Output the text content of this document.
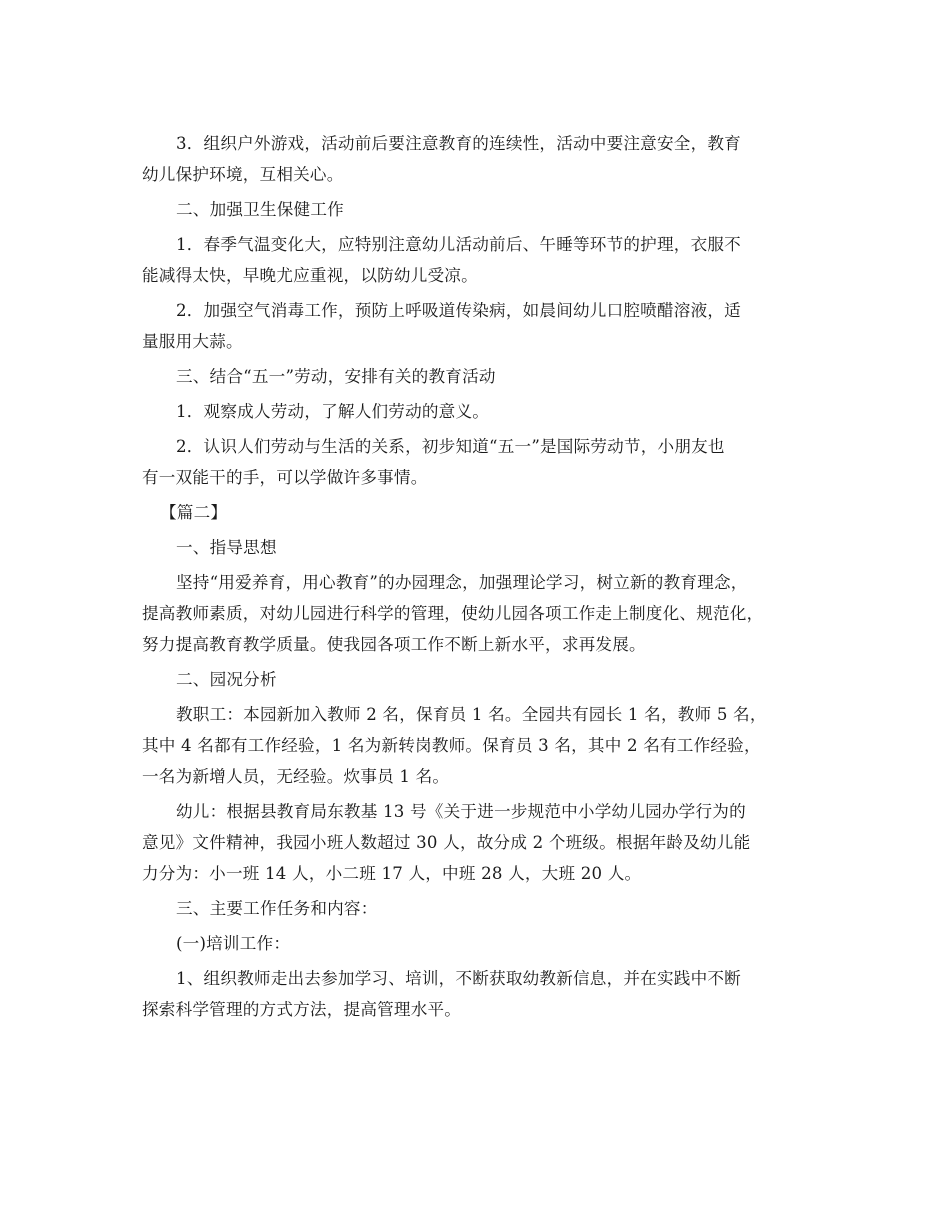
3．组织户外游戏，活动前后要注意教育的连续性，活动中要注意安全，教育
幼儿保护环境，互相关心。
二、加强卫生保健工作
1．春季气温变化大，应特别注意幼儿活动前后、午睡等环节的护理，衣服不
能减得太快，早晚尤应重视，以防幼儿受凉。
2．加强空气消毒工作，预防上呼吸道传染病，如晨间幼儿口腔喷醋溶液，适
量服用大蒜。
三、结合“五一”劳动，安排有关的教育活动
1．观察成人劳动，了解人们劳动的意义。
2．认识人们劳动与生活的关系，初步知道“五一”是国际劳动节，小朋友也
有一双能干的手，可以学做许多事情。
【篇二】
一、指导思想
坚持“用爱养育，用心教育”的办园理念，加强理论学习，树立新的教育理念，
提高教师素质，对幼儿园进行科学的管理，使幼儿园各项工作走上制度化、规范化，
努力提高教育教学质量。使我园各项工作不断上新水平，求再发展。
二、园况分析
教职工：本园新加入教师 2 名，保育员 1 名。全园共有园长 1 名，教师 5 名，
其中 4 名都有工作经验，1 名为新转岗教师。保育员 3 名，其中 2 名有工作经验，
一名为新增人员，无经验。炊事员 1 名。
幼儿：根据县教育局东教基 13 号《关于进一步规范中小学幼儿园办学行为的
意见》文件精神，我园小班人数超过 30 人，故分成 2 个班级。根据年龄及幼儿能
力分为：小一班 14 人，小二班 17 人，中班 28 人，大班 20 人。
三、主要工作任务和内容：
(一)培训工作：
1、组织教师走出去参加学习、培训，不断获取幼教新信息，并在实践中不断
探索科学管理的方式方法，提高管理水平。
